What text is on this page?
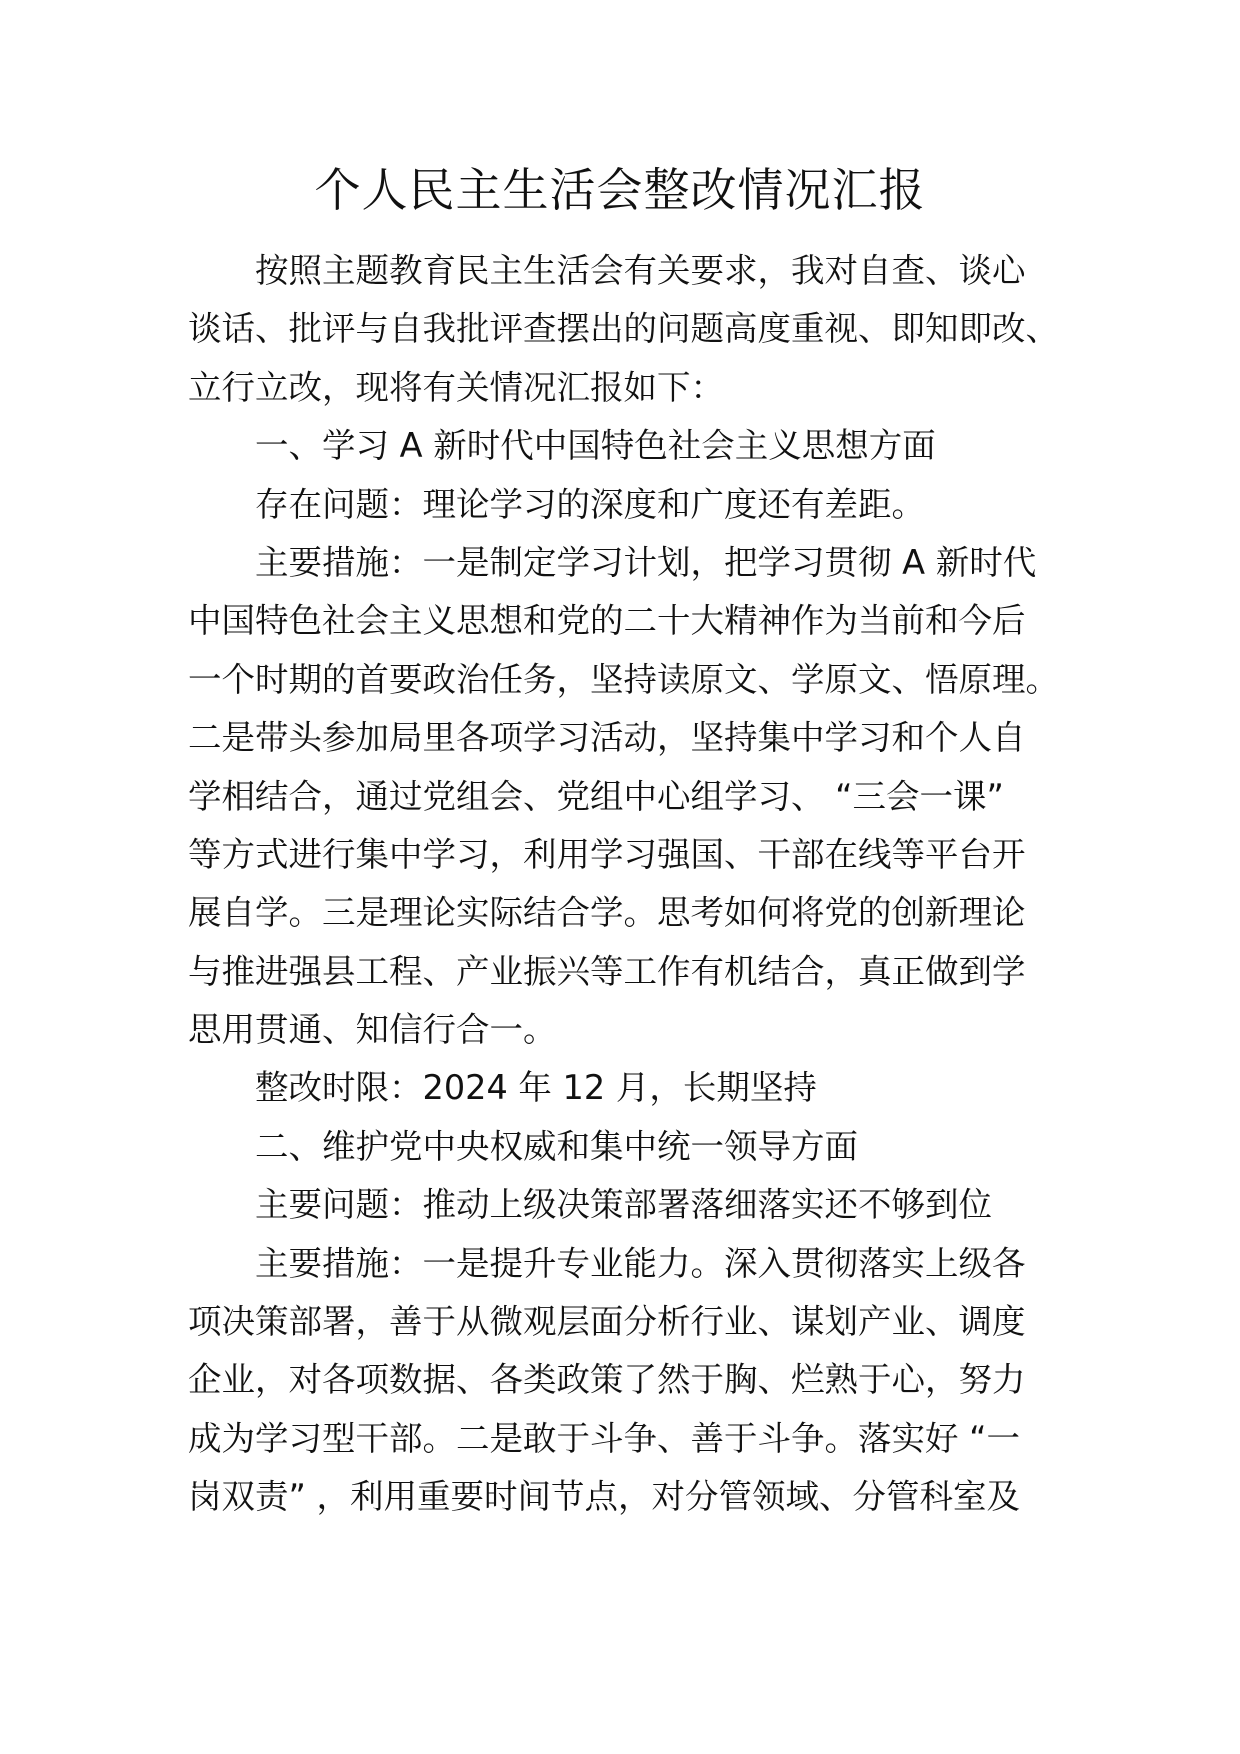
个人民主生活会整改情况汇报
按照主题教育民主生活会有关要求，我对自查、谈心
谈话、批评与自我批评查摆出的问题高度重视、即知即改、
立行立改，现将有关情况汇报如下：
一、学习 A 新时代中国特色社会主义思想方面
存在问题：理论学习的深度和广度还有差距。
主要措施：一是制定学习计划，把学习贯彻 A 新时代
中国特色社会主义思想和党的二十大精神作为当前和今后
一个时期的首要政治任务，坚持读原文、学原文、悟原理。
二是带头参加局里各项学习活动，坚持集中学习和个人自
学相结合，通过党组会、党组中心组学习、 “三会一课”
等方式进行集中学习，利用学习强国、干部在线等平台开
展自学。三是理论实际结合学。思考如何将党的创新理论
与推进强县工程、产业振兴等工作有机结合，真正做到学
思用贯通、知信行合一。
整改时限：2024 年 12 月，长期坚持
二、维护党中央权威和集中统一领导方面
主要问题：推动上级决策部署落细落实还不够到位
主要措施：一是提升专业能力。深入贯彻落实上级各
项决策部署，善于从微观层面分析行业、谋划产业、调度
企业，对各项数据、各类政策了然于胸、烂熟于心，努力
成为学习型干部。二是敢于斗争、善于斗争。落实好 “一
岗双责” ，利用重要时间节点，对分管领域、分管科室及
